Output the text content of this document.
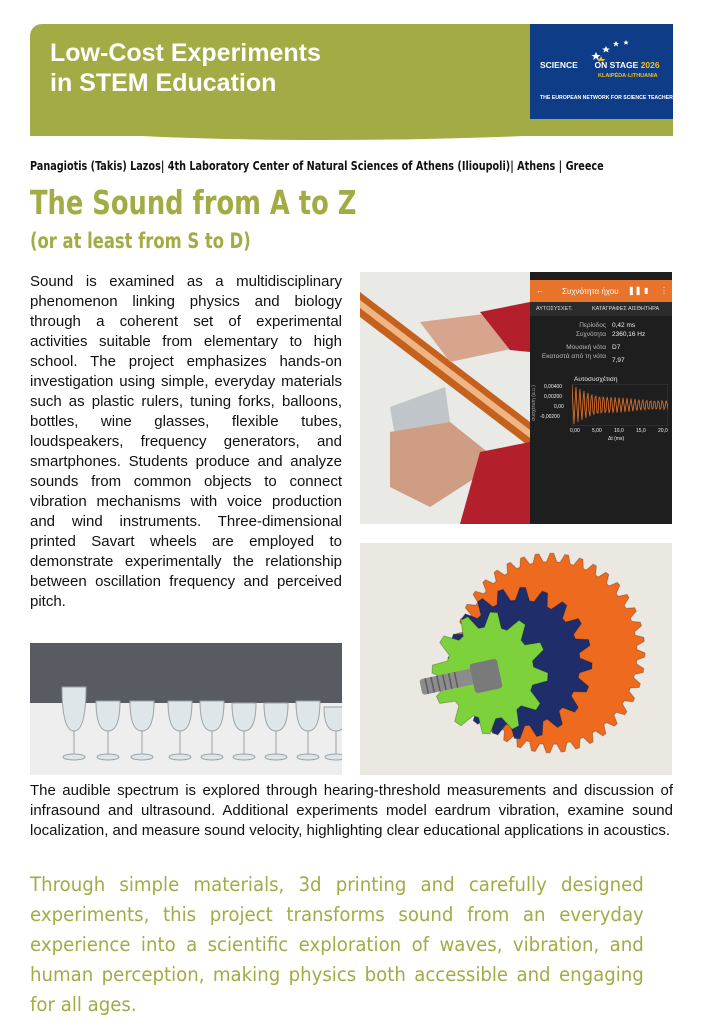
Low-Cost Experiments
in STEM Education
SCIENCE ON STAGE 2026
KLAIPĖDA·LITHUANIA
THE EUROPEAN NETWORK FOR SCIENCE TEACHERS
Panagiotis (Takis) Lazos| 4th Laboratory Center of Natural Sciences of Athens (Ilioupoli)| Athens | Greece
The Sound from A to Z
(or at least from S to D)
Sound is examined as a multidisciplinary phenomenon linking physics and biology through a coherent set of experimental activities suitable from elementary to high school. The project emphasizes hands-on investigation using simple, everyday materials such as plastic rulers, tuning forks, balloons, bottles, wine glasses, flexible tubes, loudspeakers, frequency generators, and smartphones. Students produce and analyze sounds from common objects to connect vibration mechanisms with voice production and wind instruments. Three-dimensional printed Savart wheels are employed to demonstrate experimentally the relationship between oscillation frequency and perceived pitch.
← Συχνότητα ήχου ❚❚ ▮ ⋮
ΑΥΤΟΣΥΣΧΕΤ.	ΚΑΤΑΓΡΑΦΕΣ ΑΙΣΘΗΤΗΡΑ
Περίοδος 0,42 ms
Συχνότητα 2360,16 Hz
Μουσική νότα D7
Εκατοστά από τη νότα
7,97
Αυτοσυσχέτιση
συσχέτιση (a.u.) 0,00400
0,00200
0,00
-0,00200
0,00 5,00 10,0 15,0 20,0
Δt (ms)
The audible spectrum is explored through hearing-threshold measurements and discussion of infrasound and ultrasound. Additional experiments model eardrum vibration, examine sound localization, and measure sound velocity, highlighting clear educational applications in acoustics.
Through simple materials, 3d printing and carefully designed experiments, this project transforms sound from an everyday experience into a scientific exploration of waves, vibration, and human perception, making physics both accessible and engaging for all ages.
